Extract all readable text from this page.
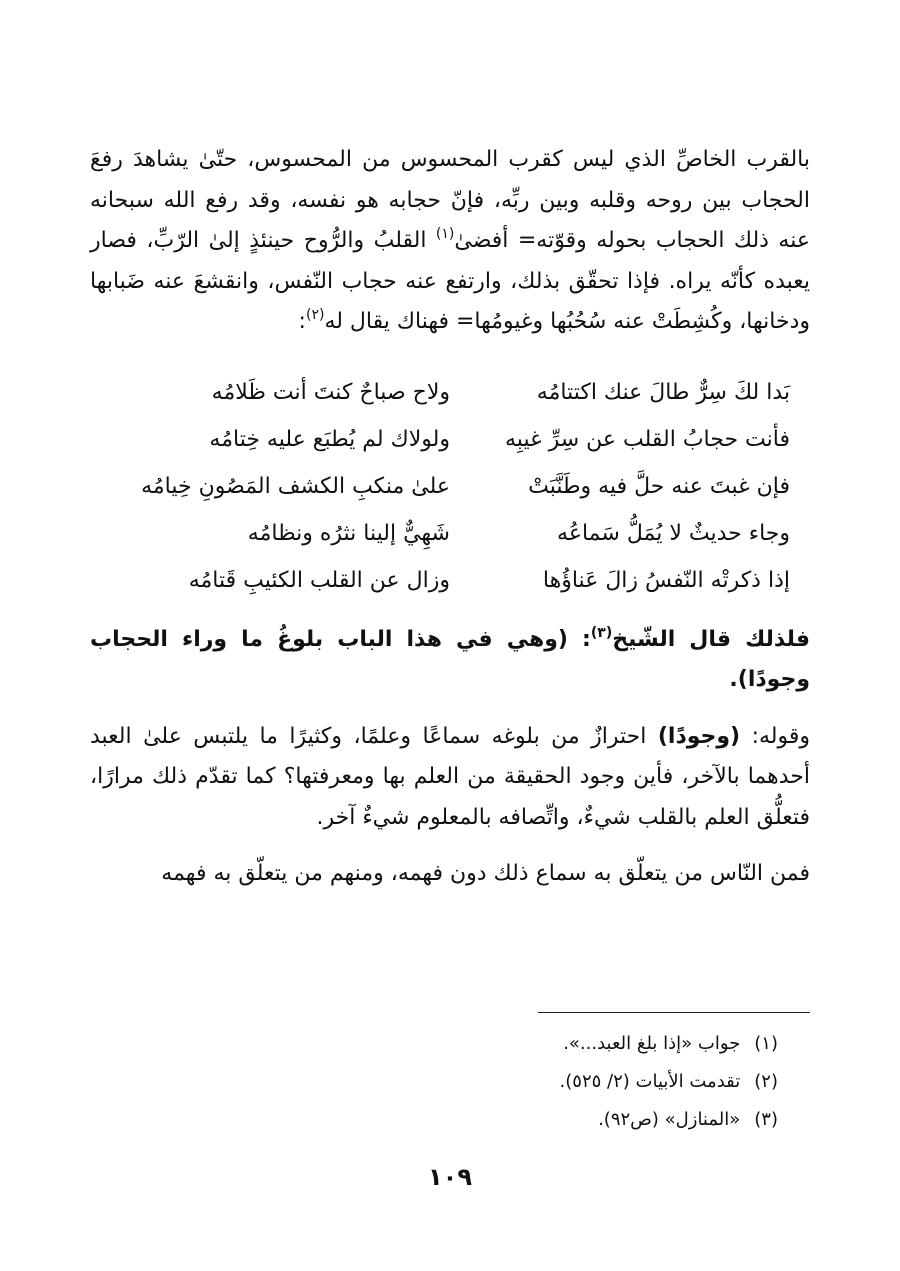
بالقرب الخاصِّ الذي ليس كقرب المحسوس من المحسوس، حتّىٰ يشاهدَ رفعَ الحجاب بين روحه وقلبه وبين ربِّه، فإنّ حجابه هو نفسه، وقد رفع الله سبحانه عنه ذلك الحجاب بحوله وقوّته= أفضىٰ$^{(١)}$ القلبُ والرُّوح حينئذٍ إلىٰ الرّبِّ، فصار يعبده كأنّه يراه. فإذا تحقّق بذلك، وارتفع عنه حجاب النّفس، وانقشعَ عنه ضَبابها ودخانها، وكُشِطَتْ عنه سُحُبُها وغيومُها= فهناك يقال له$^{(٢)}$:

بَدا لكَ سِرٌّ طالَ عنك اكتتامُه
ولاح صباحٌ كنتَ أنت ظَلامُه
فأنت حجابُ القلب عن سِرِّ غيبِه
ولولاك لم يُطبَع عليه خِتامُه
فإن غبتَ عنه حلَّ فيه وطَنَّبَتْ
علىٰ منكبِ الكشف المَصُونِ خِيامُه
وجاء حديثٌ لا يُمَلُّ سَماعُه
شَهِيٌّ إلينا نثرُه ونظامُه
إذا ذكرتْه النّفسُ زالَ عَناؤُها
وزال عن القلب الكئيبِ قَتامُه

فلذلك قال الشّيخ$^{(٣)}$: (وهي في هذا الباب بلوغُ ما وراء الحجاب وجودًا).

وقوله: (وجودًا) احترازٌ من بلوغه سماعًا وعلمًا، وكثيرًا ما يلتبس علىٰ العبد أحدهما بالآخر، فأين وجود الحقيقة من العلم بها ومعرفتها؟ كما تقدّم ذلك مرارًا، فتعلُّق العلم بالقلب شيءٌ، واتِّصافه بالمعلوم شيءٌ آخر.

فمن النّاس من يتعلّق به سماع ذلك دون فهمه، ومنهم من يتعلّق به فهمه

(١)
جواب «إذا بلغ العبد...».
(٢)
تقدمت الأبيات (٢/ ٥٢٥).
(٣)
«المنازل» (ص٩٢).
١٠٩
